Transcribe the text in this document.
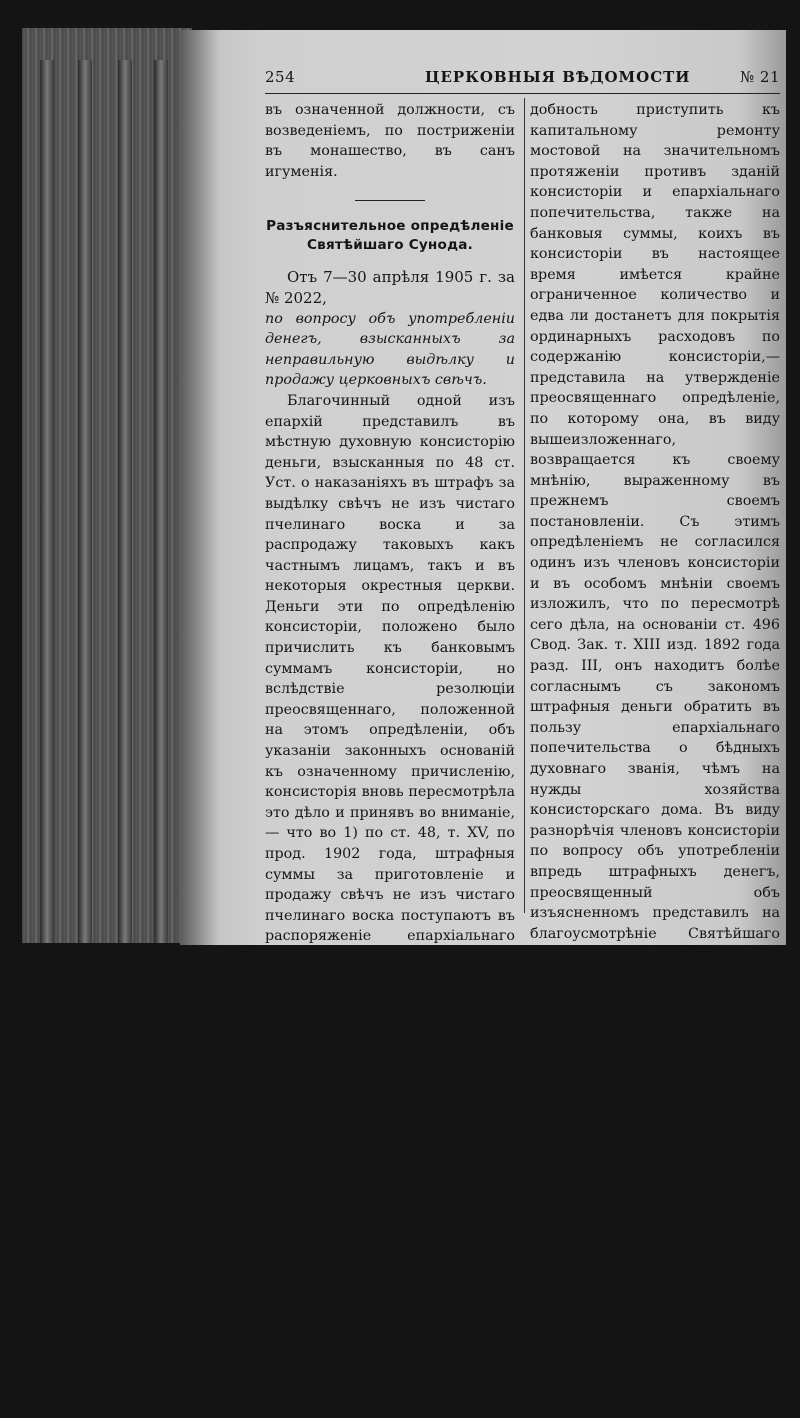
254	ЦЕРКОВНЫЯ ВѢДОМОСТИ	№ 21

въ означенной должности, съ возведеніемъ, по постриженіи въ монашество, въ санъ игуменія.

Разъяснительное опредѣленіе Святѣйшаго Сунода.

Отъ 7—30 апрѣля 1905 г. за № 2022,

по вопросу объ употребленіи денегъ, взысканныхъ за неправильную выдѣлку и продажу церковныхъ свѣчъ.

Благочинный одной изъ епархій представилъ въ мѣстную духовную консисторію деньги, взысканныя по 48 ст. Уст. о наказаніяхъ въ штрафъ за выдѣлку свѣчъ не изъ чистаго пчелинаго воска и за распродажу таковыхъ какъ частнымъ лицамъ, такъ и въ некоторыя окрестныя церкви. Деньги эти по опредѣленію консисторіи, положено было причислить къ банковымъ суммамъ консисторіи, но вслѣдствіе резолюціи преосвященнаго, положенной на этомъ опредѣленіи, объ указаніи законныхъ основаній къ означенному причисленію, консисторія вновь пересмотрѣла это дѣло и принявъ во вниманіе, — что во 1) по ст. 48, т. XV, по прод. 1902 года, штрафныя суммы за приготовленіе и продажу свѣчъ не изъ чистаго пчелинаго воска поступаютъ въ распоряженіе епархіальнаго начальства, а на что именно, не указано, слѣдовательно отъ усмотрѣнія послѣдняго и зависитъ дать имъ то или другое назначеніе, и 2) что по обстоятельствамъ военнаго времени консисторія изготовила на банковыя суммы нѣсколько деревянныхъ обитыхъ цинкомъ сундуковъ для укладки церковной утвари для священниковъ военныхъ лазаретовъ, выдаетъ жалованье ушедшему на войну канцелярскому служителю, и кромѣ сего по требованію полиціи настоитъ неотложная на-

добность приступить къ капитальному ремонту мостовой на значительномъ протяженіи противъ зданій консисторіи и епархіальнаго попечительства, также на банковыя суммы, коихъ въ консисторіи въ настоящее время имѣется крайне ограниченное количество и едва ли достанетъ для покрытія ординарныхъ расходовъ по содержанію консисторіи,—представила на утвержденіе преосвященнаго опредѣленіе, по которому она, въ виду вышеизложеннаго, возвращается къ своему мнѣнію, выраженному въ прежнемъ своемъ постановленіи. Съ этимъ опредѣленіемъ не согласился одинъ изъ членовъ консисторіи и въ особомъ мнѣніи своемъ изложилъ, что по пересмотрѣ сего дѣла, на основаніи ст. 496 Свод. Зак. т. XIII изд. 1892 года разд. III, онъ находитъ болѣе согласнымъ съ закономъ штрафныя деньги обратить въ пользу епархіальнаго попечительства о бѣдныхъ духовнаго званія, чѣмъ на нужды хозяйства консисторскаго дома. Въ виду разнорѣчія членовъ консисторіи по вопросу объ употребленіи впредь штрафныхъ денегъ, преосвященный объ изъясненномъ представилъ на благоусмотрѣніе Святѣйшаго Сунода.—Обсудивъ изложенное и принявъ во вниманіе, что по закону въ распоряженіе епархіальнаго начальства передаются только конфискованныя свѣчи, выдѣланныя не изъ чистаго пчелинаго воска, денежныя же взысканія, налагаемыя по суду за изготовленіе, храненіе для продажи или продажу таковыхъ свѣчъ, обращаются въ пользу духовнаго вѣдомства, и что по 496 ст. Уст. о обществ. призр. т. XIII изд. 1892 года штрафныя деньги, взыскиваемыя по духовному вѣдомству, отнесены къ постояннымъ и опредѣлительнымъ средствамъ призрѣнія бѣдныхъ сего вѣдомства, Святѣйшій Сунодъ нашелъ указанное постановленіе
